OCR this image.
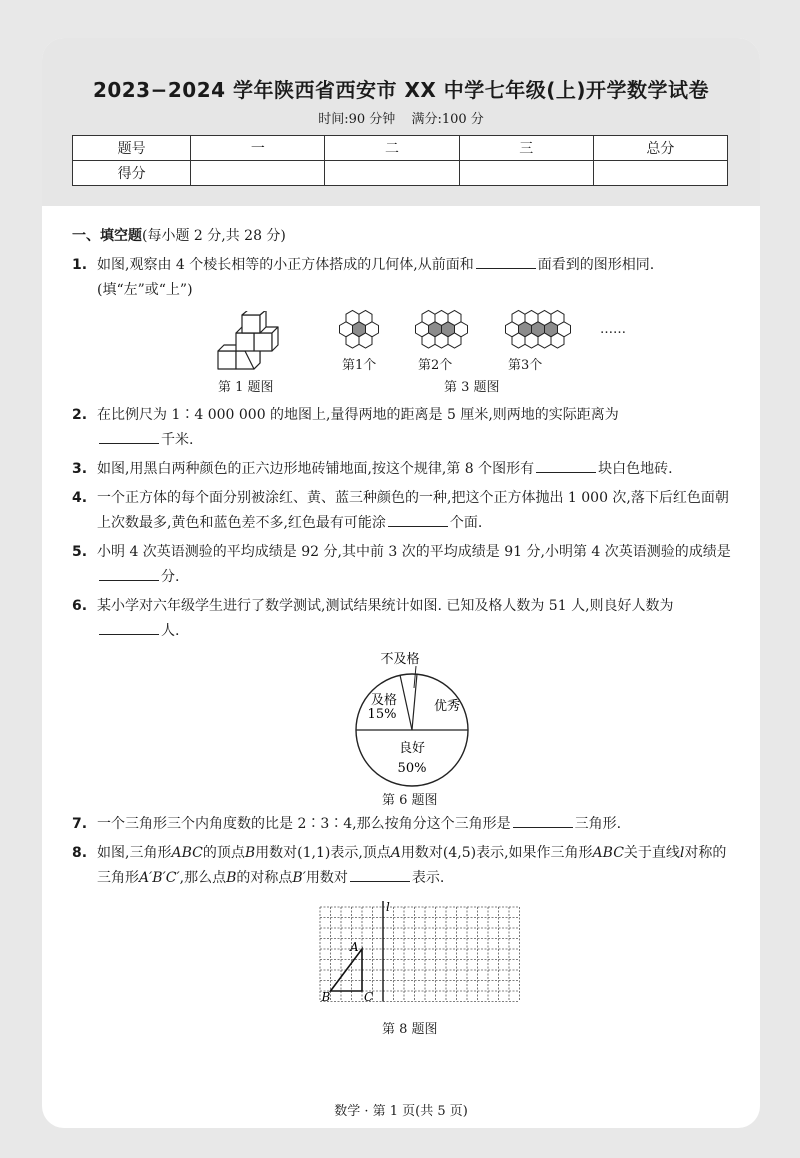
2023−2024 学年陕西省西安市 XX 中学七年级(上)开学数学试卷
时间:90 分钟 满分:100 分
题号	一	二	三	总分
得分				
一、填空题(每小题 2 分,共 28 分)
1. 如图,观察由 4 个棱长相等的小正方体搭成的几何体,从前面和	面看到的图形相同. (填“左”或“上”)
第 1 题图
第1个	第2个	第3个
……
第 3 题图
2. 在比例尺为 1∶4 000 000 的地图上,量得两地的距离是 5 厘米,则两地的实际距离为
千米.
3. 如图,用黑白两种颜色的正六边形地砖铺地面,按这个规律,第 8 个图形有	块白色地砖.
4. 一个正方体的每个面分别被涂红、黄、蓝三种颜色的一种,把这个正方体抛出 1 000 次,落下后红色面朝上次数最多,黄色和蓝色差不多,红色最有可能涂	个面.
5. 小明 4 次英语测验的平均成绩是 92 分,其中前 3 次的平均成绩是 91 分,小明第 4 次英语测验的成绩是分.
6. 某小学对六年级学生进行了数学测试,测试结果统计如图. 已知及格人数为 51 人,则良好人数为人.
不及格
及格
15%
优秀
良好
50%
第 6 题图
7. 一个三角形三个内角度数的比是 2∶3∶4,那么按角分这个三角形是	三角形.
8. 如图,三角形ABC的顶点B用数对(1,1)表示,顶点A用数对(4,5)表示,如果作三角形ABC关于直线l对称的三角形A′B′C′,那么点B的对称点B′用数对	表示.
l
A
B	C
第 8 题图
数学 · 第 1 页(共 5 页)
